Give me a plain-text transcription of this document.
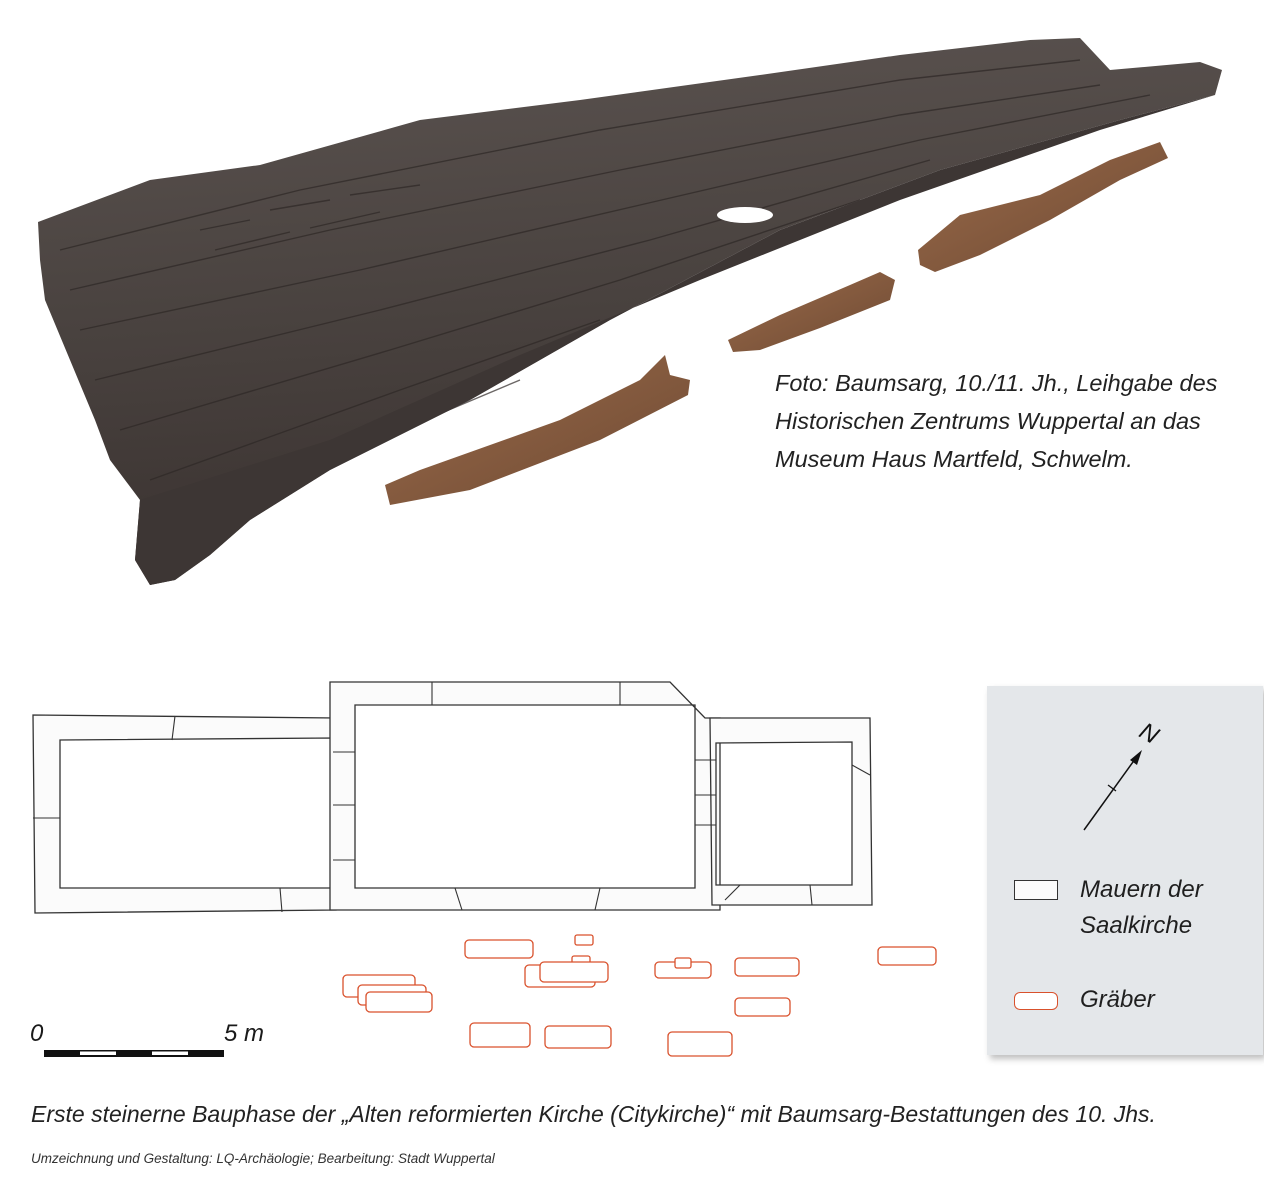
Foto: Baumsarg, 10./11. Jh., Leihgabe des
Historischen Zentrums Wuppertal an das
Museum Haus Martfeld, Schwelm.
0	5 m
N
Mauern der
Saalkirche
Gräber
Erste steinerne Bauphase der „Alten reformierten Kirche (Citykirche)“ mit Baumsarg-Bestattungen des 10. Jhs.
Umzeichnung und Gestaltung: LQ-Archäologie; Bearbeitung: Stadt Wuppertal
